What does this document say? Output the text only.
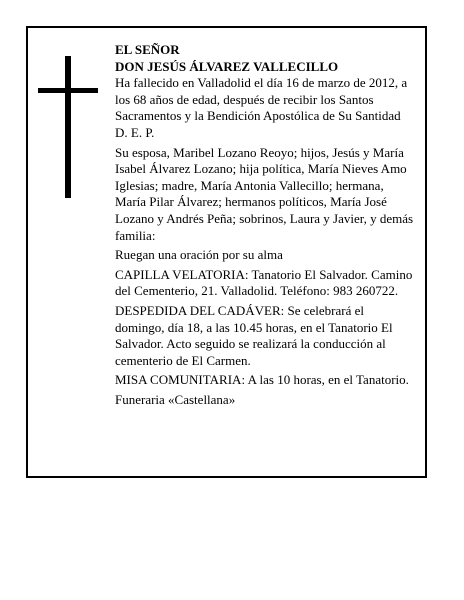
EL SEÑOR

DON JESÚS ÁLVAREZ VALLECILLO

Ha fallecido en Valladolid el día 16 de marzo de 2012, a los 68 años de edad, después de recibir los Santos Sacramentos y la Bendición Apostólica de Su Santidad D. E. P.

Su esposa, Maribel Lozano Reoyo; hijos, Jesús y María Isabel Álvarez Lozano; hija política, María Nieves Amo Iglesias; madre, María Antonia Vallecillo; hermana, María Pilar Álvarez; hermanos políticos, María José Lozano y Andrés Peña; sobrinos, Laura y Javier, y demás familia:

Ruegan una oración por su alma

CAPILLA VELATORIA: Tanatorio El Salvador. Camino del Cementerio, 21. Valladolid. Teléfono: 983 260722.

DESPEDIDA DEL CADÁVER: Se celebrará el domingo, día 18, a las 10.45 horas, en el Tanatorio El Salvador. Acto seguido se realizará la conducción al cementerio de El Carmen.

MISA COMUNITARIA: A las 10 horas, en el Tanatorio.

Funeraria «Castellana»
